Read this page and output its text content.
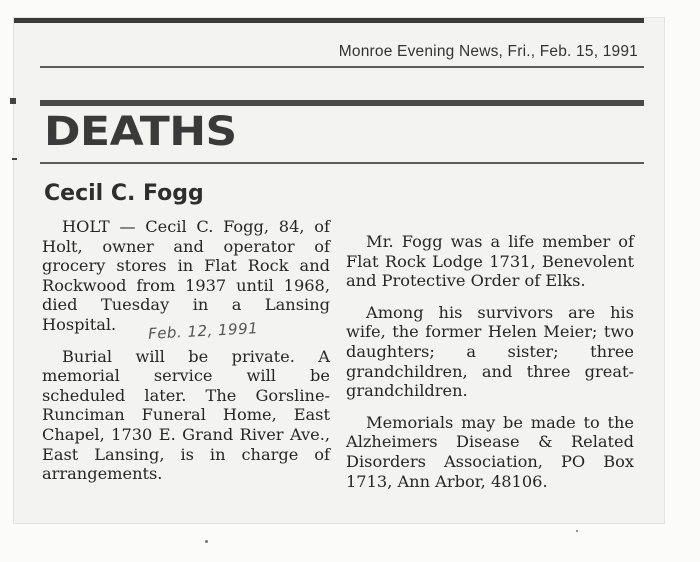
Monroe Evening News, Fri., Feb. 15, 1991
DEATHS
Cecil C. Fogg

HOLT — Cecil C. Fogg, 84, of Holt, owner and operator of grocery stores in Flat Rock and Rockwood from 1937 until 1968, died Tuesday in a Lansing Hospital.

Burial will be private. A memorial service will be scheduled later. The Gorsline-Runciman Funeral Home, East Chapel, 1730 E. Grand River Ave., East Lansing, is in charge of arrangements.

Feb. 12, 1991

Mr. Fogg was a life member of Flat Rock Lodge 1731, Benevolent and Protective Order of Elks.

Among his survivors are his wife, the former Helen Meier; two daughters; a sister; three grandchildren, and three great-grandchildren.

Memorials may be made to the Alzheimers Disease & Related Disorders Association, PO Box 1713, Ann Arbor, 48106.
